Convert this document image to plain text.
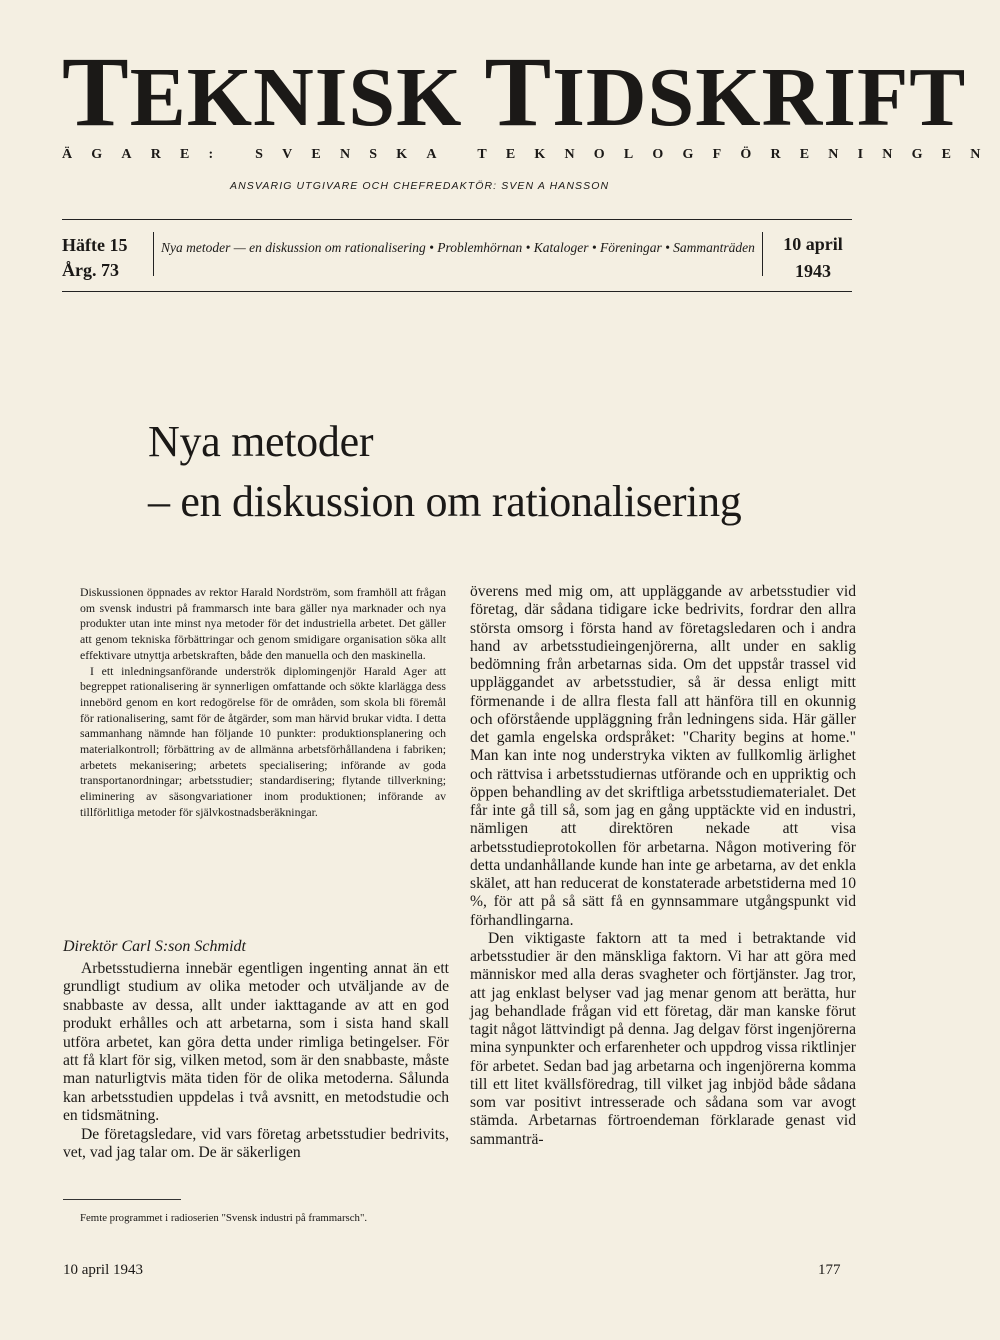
TEKNISK TIDSKRIFT
ÄGARE: SVENSKA TEKNOLOGFÖRENINGEN
ANSVARIG UTGIVARE OCH CHEFREDAKTÖR: SVEN A HANSSON
Häfte 15
Årg. 73
Nya metoder — en diskussion om rationalisering • Problemhörnan • Kataloger • Föreningar • Sammanträden	10 april
1943
Nya metoder
– en diskussion om rationalisering

Diskussionen öppnades av rektor Harald Nordström, som framhöll att frågan om svensk industri på frammarsch inte bara gäller nya marknader och nya produkter utan inte minst nya metoder för det industriella arbetet. Det gäller att genom tekniska förbättringar och genom smidigare organisation söka allt effektivare utnyttja arbetskraften, både den manuella och den maskinella.

I ett inledningsanförande underströk diplomingenjör Harald Ager att begreppet rationalisering är synnerligen omfattande och sökte klarlägga dess innebörd genom en kort redogörelse för de områden, som skola bli föremål för rationalisering, samt för de åtgärder, som man härvid brukar vidta. I detta sammanhang nämnde han följande 10 punkter: produktionsplanering och materialkontroll; förbättring av de allmänna arbetsförhållandena i fabriken; arbetets mekanisering; arbetets specialisering; införande av goda transportanordningar; arbetsstudier; standardisering; flytande tillverkning; eliminering av säsongvariationer inom produktionen; införande av tillförlitliga metoder för självkostnadsberäkningar.

Direktör Carl S:son Schmidt

Arbetsstudierna innebär egentligen ingenting annat än ett grundligt studium av olika metoder och utväljande av de snabbaste av dessa, allt under iakttagande av att en god produkt erhålles och att arbetarna, som i sista hand skall utföra arbetet, kan göra detta under rimliga betingelser. För att få klart för sig, vilken metod, som är den snabbaste, måste man naturligtvis mäta tiden för de olika metoderna. Sålunda kan arbetsstudien uppdelas i två avsnitt, en metodstudie och en tidsmätning.

De företagsledare, vid vars företag arbetsstudier bedrivits, vet, vad jag talar om. De är säkerligen

Femte programmet i radioserien "Svensk industri på frammarsch".

överens med mig om, att uppläggande av arbetsstudier vid företag, där sådana tidigare icke bedrivits, fordrar den allra största omsorg i första hand av företagsledaren och i andra hand av arbetsstudieingenjörerna, allt under en saklig bedömning från arbetarnas sida. Om det uppstår trassel vid uppläggandet av arbetsstudier, så är dessa enligt mitt förmenande i de allra flesta fall att hänföra till en okunnig och oförstående uppläggning från ledningens sida. Här gäller det gamla engelska ordspråket: "Charity begins at home." Man kan inte nog understryka vikten av fullkomlig ärlighet och rättvisa i arbetsstudiernas utförande och en uppriktig och öppen behandling av det skriftliga arbetsstudiematerialet. Det får inte gå till så, som jag en gång upptäckte vid en industri, nämligen att direktören nekade att visa arbetsstudieprotokollen för arbetarna. Någon motivering för detta undanhållande kunde han inte ge arbetarna, av det enkla skälet, att han reducerat de konstaterade arbetstiderna med 10 %, för att på så sätt få en gynnsammare utgångspunkt vid förhandlingarna.

Den viktigaste faktorn att ta med i betraktande vid arbetsstudier är den mänskliga faktorn. Vi har att göra med människor med alla deras svagheter och förtjänster. Jag tror, att jag enklast belyser vad jag menar genom att berätta, hur jag behandlade frågan vid ett företag, där man kanske förut tagit något lättvindigt på denna. Jag delgav först ingenjörerna mina synpunkter och erfarenheter och uppdrog vissa riktlinjer för arbetet. Sedan bad jag arbetarna och ingenjörerna komma till ett litet kvällsföredrag, till vilket jag inbjöd både sådana som var positivt intresserade och sådana som var avogt stämda. Arbetarnas förtroendeman förklarade genast vid sammanträ-

10 april 1943	177
